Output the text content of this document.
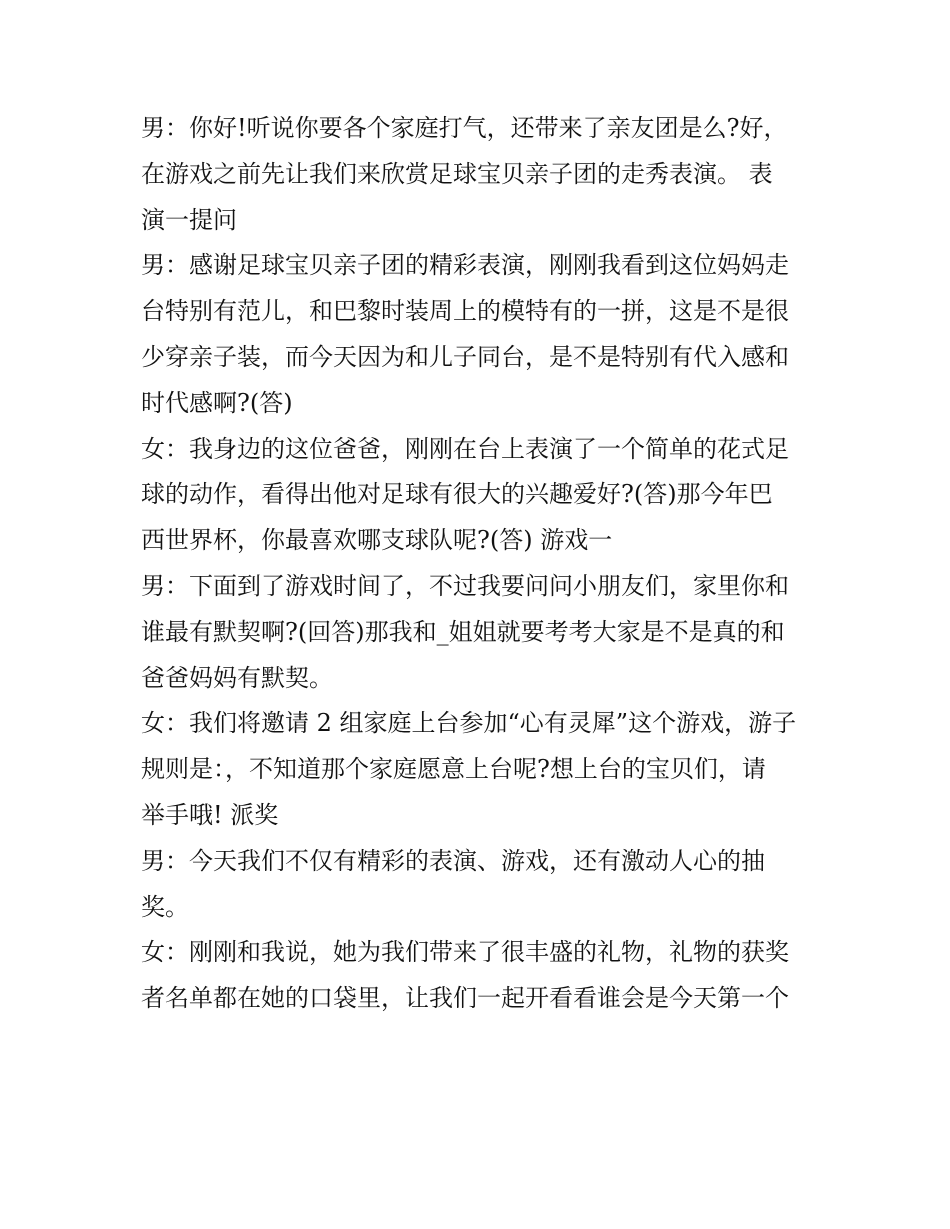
男：你好!听说你要各个家庭打气，还带来了亲友团是么?好，
在游戏之前先让我们来欣赏足球宝贝亲子团的走秀表演。 表
演一提问
男：感谢足球宝贝亲子团的精彩表演，刚刚我看到这位妈妈走
台特别有范儿，和巴黎时装周上的模特有的一拼，这是不是很
少穿亲子装，而今天因为和儿子同台，是不是特别有代入感和
时代感啊?(答)
女：我身边的这位爸爸，刚刚在台上表演了一个简单的花式足
球的动作，看得出他对足球有很大的兴趣爱好?(答)那今年巴
西世界杯，你最喜欢哪支球队呢?(答) 游戏一
男：下面到了游戏时间了，不过我要问问小朋友们，家里你和
谁最有默契啊?(回答)那我和_姐姐就要考考大家是不是真的和
爸爸妈妈有默契。
女：我们将邀请 2 组家庭上台参加“心有灵犀”这个游戏，游子
规则是：，不知道那个家庭愿意上台呢?想上台的宝贝们，请
举手哦! 派奖
男：今天我们不仅有精彩的表演、游戏，还有激动人心的抽
奖。
女：刚刚和我说，她为我们带来了很丰盛的礼物，礼物的获奖
者名单都在她的口袋里，让我们一起开看看谁会是今天第一个
